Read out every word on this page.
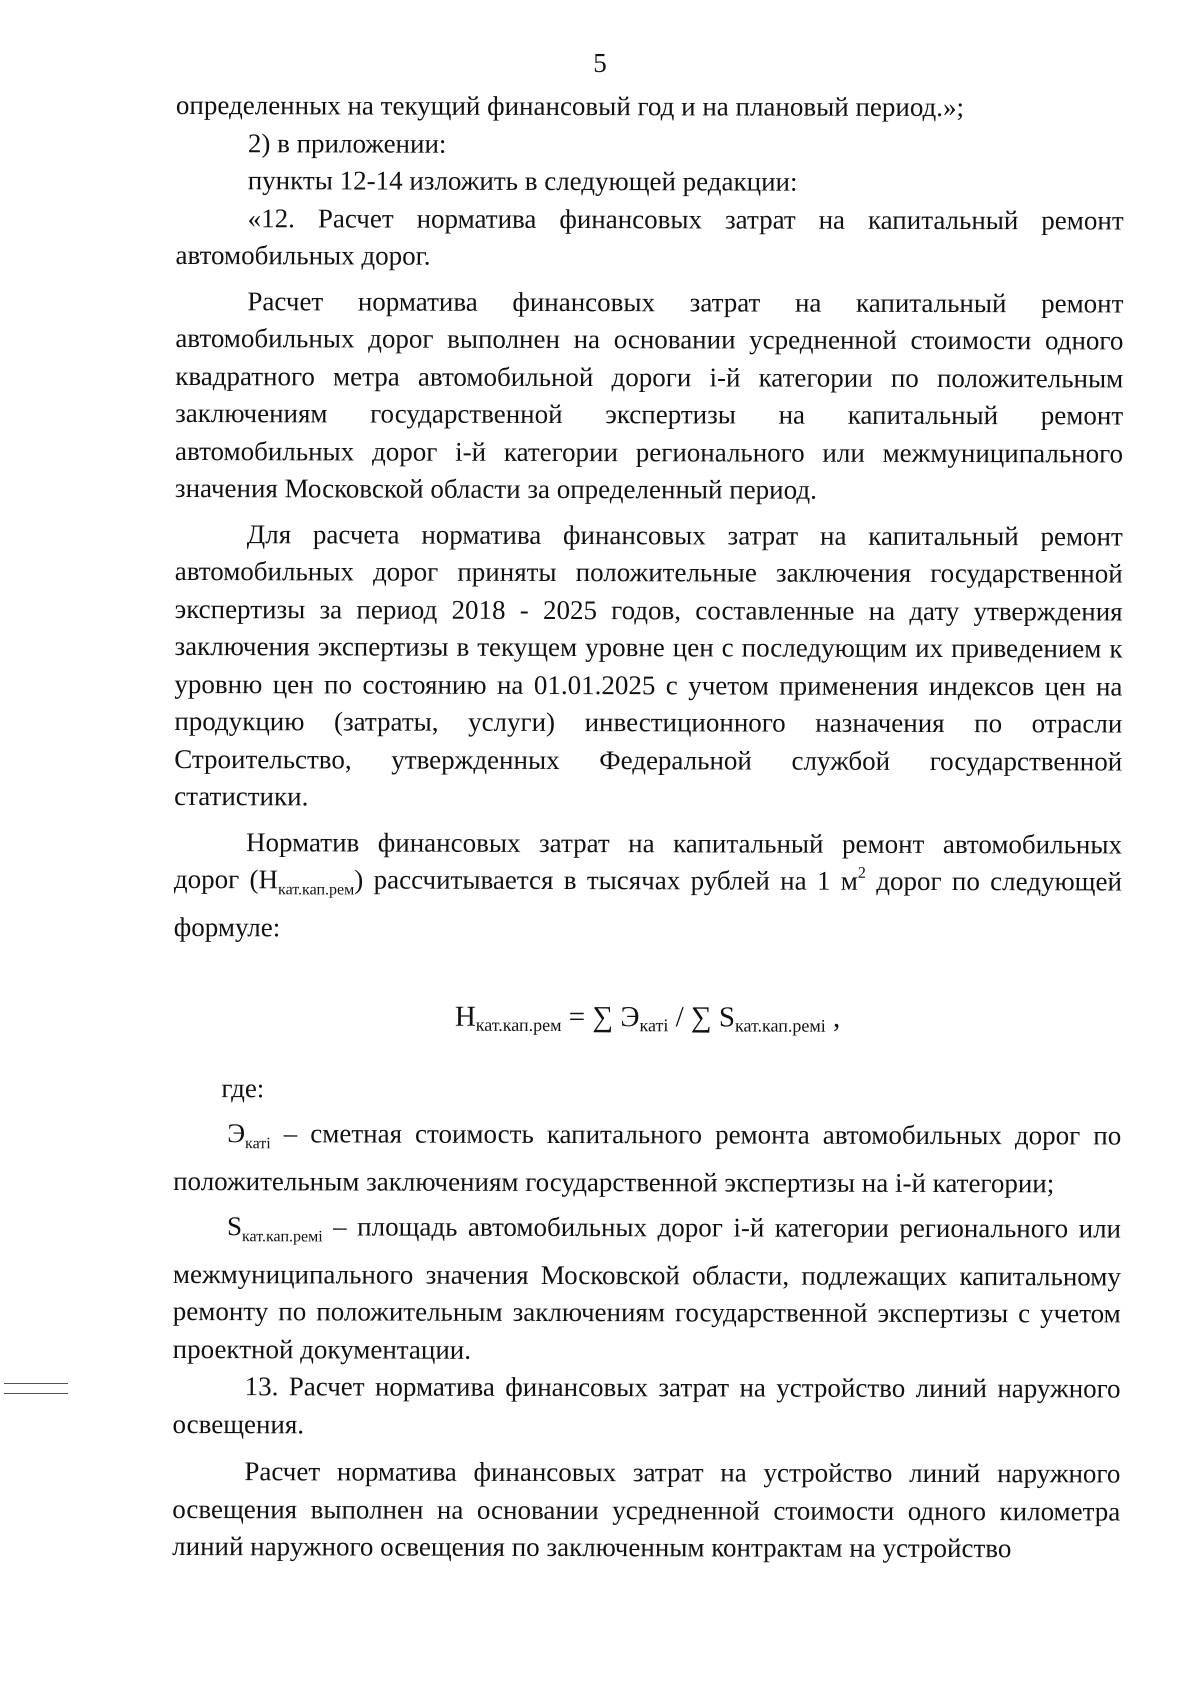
5

определенных на текущий финансовый год и на плановый период.»;

2) в приложении:

пункты 12-14 изложить в следующей редакции:

«12. Расчет норматива финансовых затрат на капитальный ремонт автомобильных дорог.

Расчет норматива финансовых затрат на капитальный ремонт автомобильных дорог выполнен на основании усредненной стоимости одного квадратного метра автомобильной дороги i-й категории по положительным заключениям государственной экспертизы на капитальный ремонт автомобильных дорог i-й категории регионального или межмуниципального значения Московской области за определенный период.

Для расчета норматива финансовых затрат на капитальный ремонт автомобильных дорог приняты положительные заключения государственной экспертизы за период 2018 - 2025 годов, составленные на дату утверждения заключения экспертизы в текущем уровне цен с последующим их приведением к уровню цен по состоянию на 01.01.2025 с учетом применения индексов цен на продукцию (затраты, услуги) инвестиционного назначения по отрасли Строительство, утвержденных Федеральной службой государственной статистики.

Норматив финансовых затрат на капитальный ремонт автомобильных дорог $(Н_{кат.кап.рем})$ рассчитывается в тысячах рублей на 1 $м^2$ дорог по следующей формуле:

$Н_{кат.кап.рем}$ = ∑ $Э_{катi}$ / ∑ $S_{кат.кап.ремi}$ ,

где:

$Э_{катi}$ – сметная стоимость капитального ремонта автомобильных дорог по положительным заключениям государственной экспертизы на i-й категории;

$S_{кат.кап.ремi}$ – площадь автомобильных дорог i-й категории регионального или межмуниципального значения Московской области, подлежащих капитальному ремонту по положительным заключениям государственной экспертизы с учетом проектной документации.

13. Расчет норматива финансовых затрат на устройство линий наружного освещения.

Расчет норматива финансовых затрат на устройство линий наружного освещения выполнен на основании усредненной стоимости одного километра линий наружного освещения по заключенным контрактам на устройство
